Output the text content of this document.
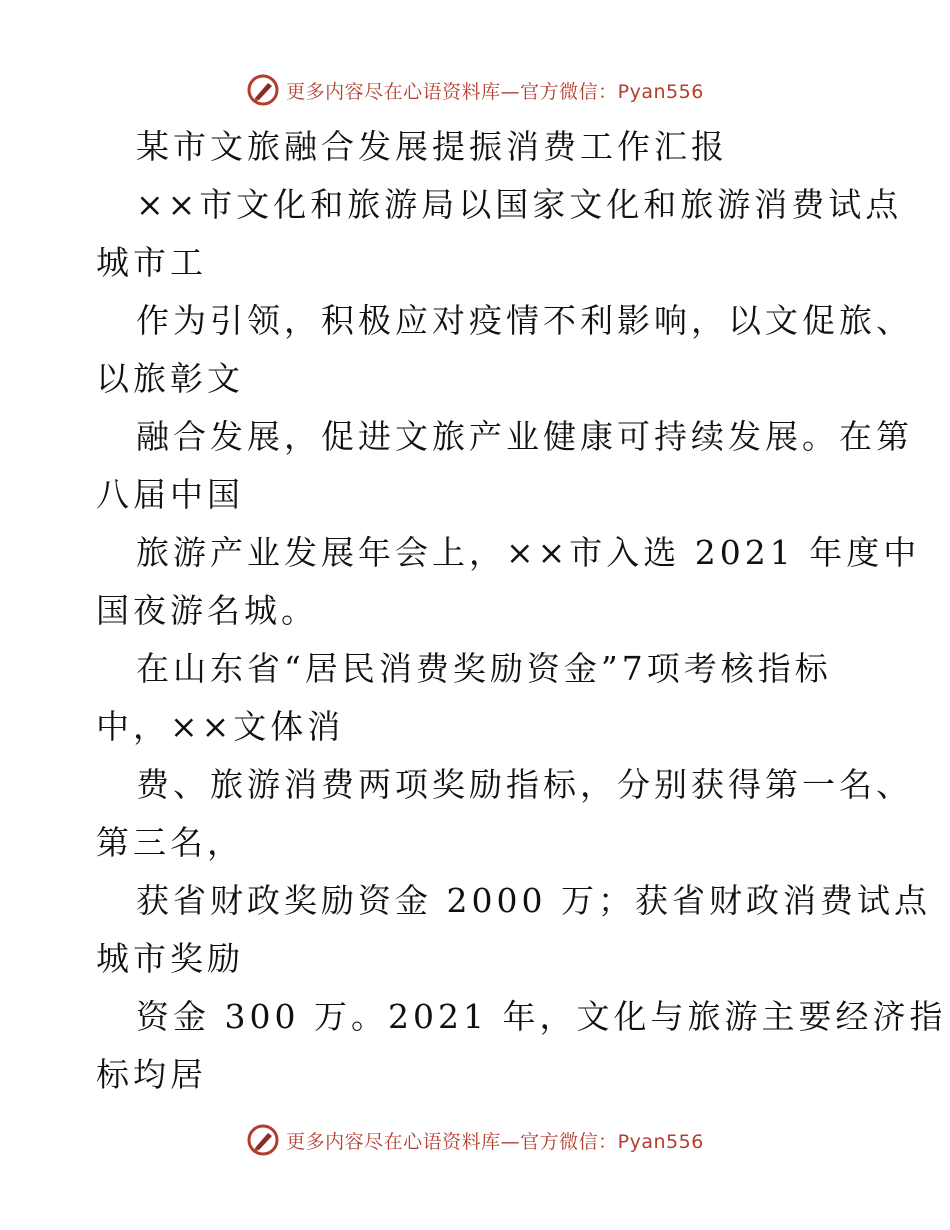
更多内容尽在心语资料库—官方微信：Pyan556
某市文旅融合发展提振消费工作汇报
××市文化和旅游局以国家文化和旅游消费试点
城市工
作为引领，积极应对疫情不利影响，以文促旅、
以旅彰文
融合发展，促进文旅产业健康可持续发展。在第
八届中国
旅游产业发展年会上，××市入选 2021 年度中
国夜游名城。
在山东省“居民消费奖励资金”7项考核指标
中，××文体消
费、旅游消费两项奖励指标，分别获得第一名、
第三名，
获省财政奖励资金 2000 万；获省财政消费试点
城市奖励
资金 300 万。2021 年，文化与旅游主要经济指
标均居
更多内容尽在心语资料库—官方微信：Pyan556
